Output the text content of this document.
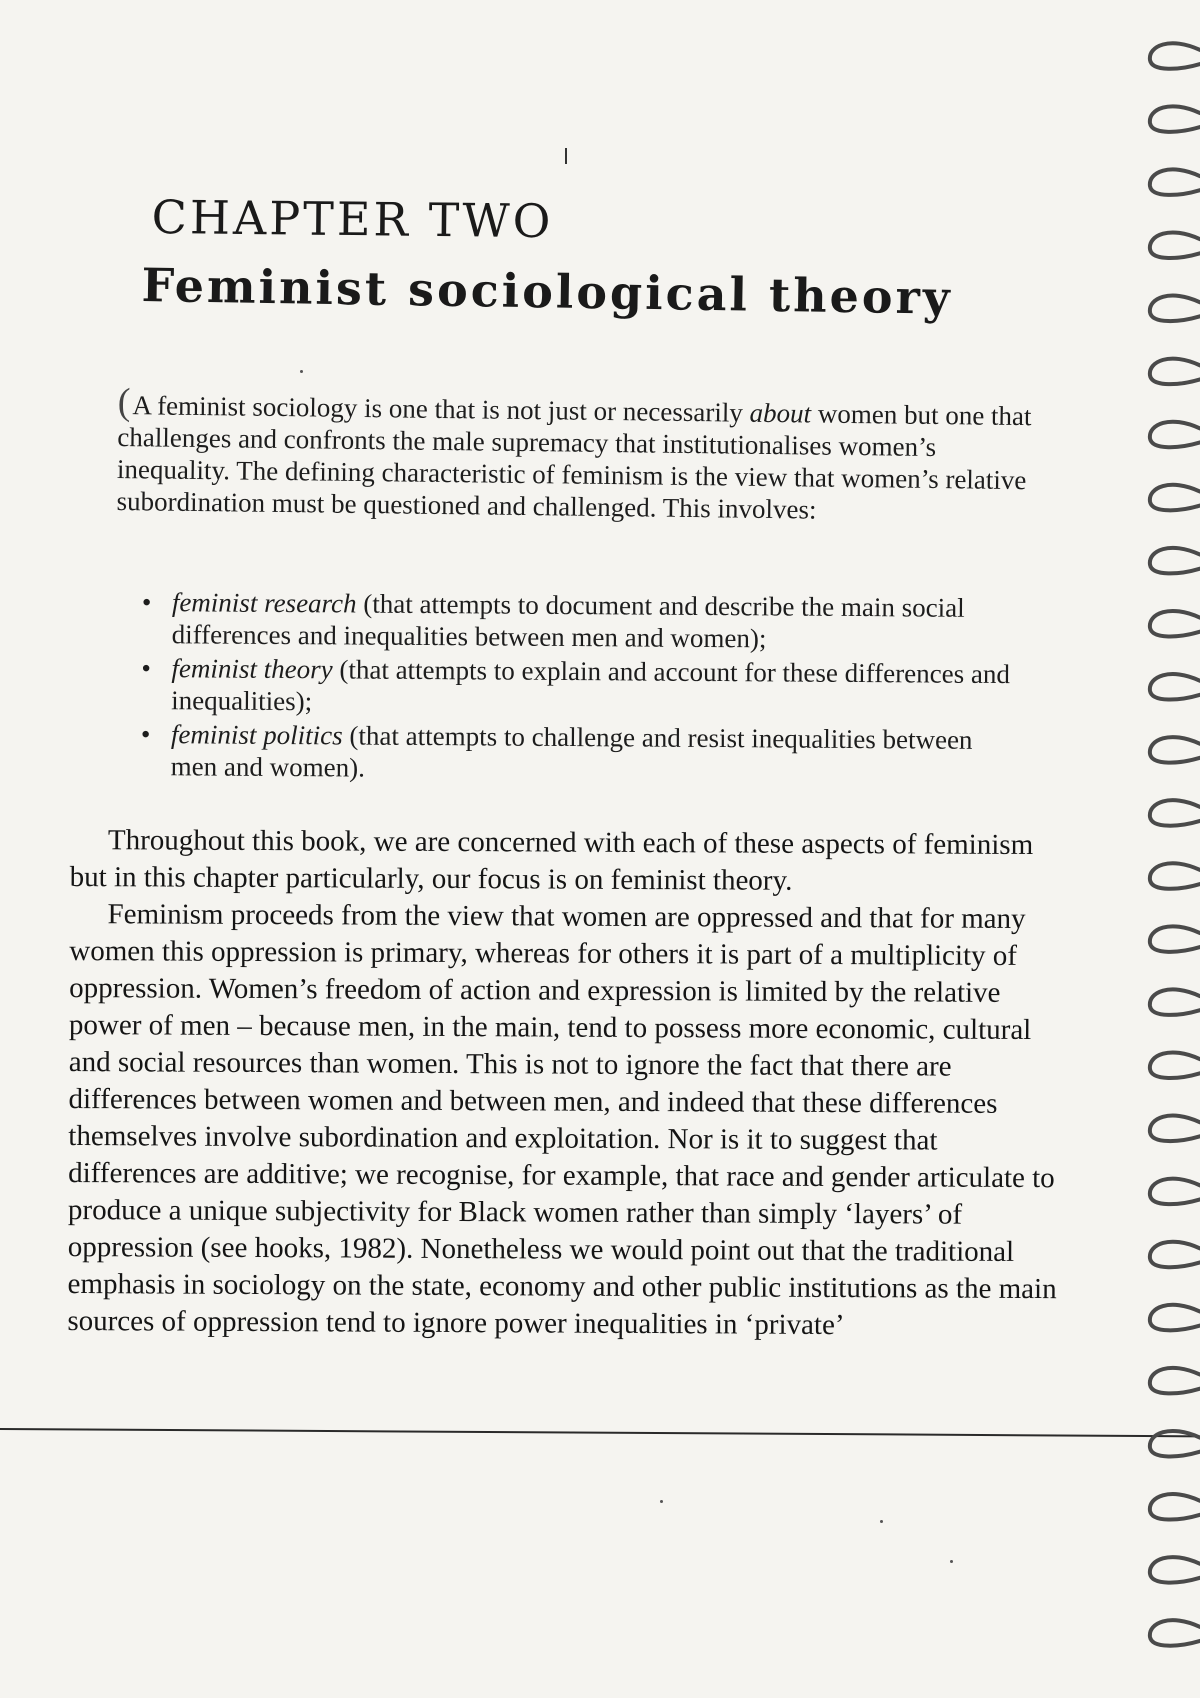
CHAPTER TWO
Feminist sociological theory

(A feminist sociology is one that is not just or necessarily about women but one that challenges and confronts the male supremacy that institutionalises women’s inequality. The defining characteristic of feminism is the view that women’s relative subordination must be questioned and challenged. This involves:

• feminist research (that attempts to document and describe the main social differences and inequalities between men and women);
• feminist theory (that attempts to explain and account for these differences and inequalities);
• feminist politics (that attempts to challenge and resist inequalities between men and women).

Throughout this book, we are concerned with each of these aspects of feminism but in this chapter particularly, our focus is on feminist theory.

Feminism proceeds from the view that women are oppressed and that for many women this oppression is primary, whereas for others it is part of a multiplicity of oppression. Women’s freedom of action and expression is limited by the relative power of men – because men, in the main, tend to possess more economic, cultural and social resources than women. This is not to ignore the fact that there are differences between women and between men, and indeed that these differences themselves involve subordination and exploitation. Nor is it to suggest that differences are additive; we recognise, for example, that race and gender articulate to produce a unique subjectivity for Black women rather than simply ‘layers’ of oppression (see hooks, 1982). Nonetheless we would point out that the traditional emphasis in sociology on the state, economy and other public institutions as the main sources of oppression tend to ignore power inequalities in ‘private’
